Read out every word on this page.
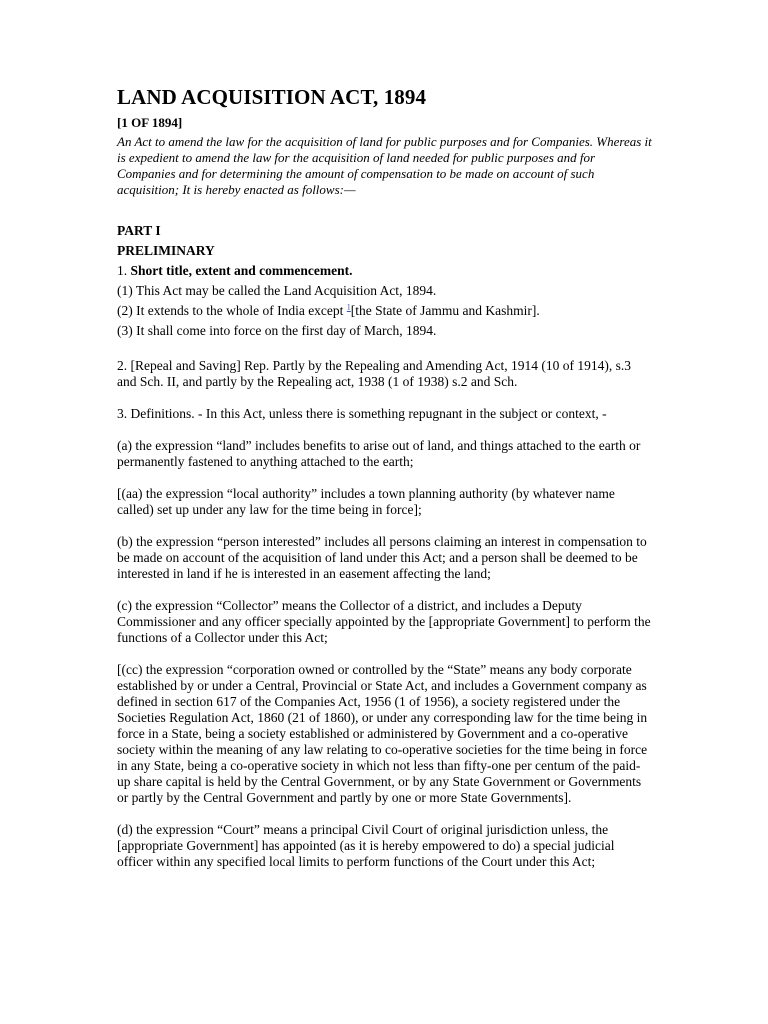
LAND ACQUISITION ACT, 1894

[1 OF 1894]

An Act to amend the law for the acquisition of land for public purposes and for Companies. Whereas it is expedient to amend the law for the acquisition of land needed for public purposes and for Companies and for determining the amount of compensation to be made on account of such acquisition; It is hereby enacted as follows:—

PART I

PRELIMINARY

1. Short title, extent and commencement.

(1) This Act may be called the Land Acquisition Act, 1894.

(2) It extends to the whole of India except $^1$[the State of Jammu and Kashmir].

(3) It shall come into force on the first day of March, 1894.

2. [Repeal and Saving] Rep. Partly by the Repealing and Amending Act, 1914 (10 of 1914), s.3 and Sch. II, and partly by the Repealing act, 1938 (1 of 1938) s.2 and Sch.

3. Definitions. - In this Act, unless there is something repugnant in the subject or context, -

(a) the expression “land” includes benefits to arise out of land, and things attached to the earth or permanently fastened to anything attached to the earth;

[(aa) the expression “local authority” includes a town planning authority (by whatever name called) set up under any law for the time being in force];

(b) the expression “person interested” includes all persons claiming an interest in compensation to be made on account of the acquisition of land under this Act; and a person shall be deemed to be interested in land if he is interested in an easement affecting the land;

(c) the expression “Collector” means the Collector of a district, and includes a Deputy Commissioner and any officer specially appointed by the [appropriate Government] to perform the functions of a Collector under this Act;

[(cc) the expression “corporation owned or controlled by the “State” means any body corporate established by or under a Central, Provincial or State Act, and includes a Government company as defined in section 617 of the Companies Act, 1956 (1 of 1956), a society registered under the Societies Regulation Act, 1860 (21 of 1860), or under any corresponding law for the time being in force in a State, being a society established or administered by Government and a co-operative society within the meaning of any law relating to co-operative societies for the time being in force in any State, being a co-operative society in which not less than fifty-one per centum of the paid-up share capital is held by the Central Government, or by any State Government or Governments or partly by the Central Government and partly by one or more State Governments].

(d) the expression “Court” means a principal Civil Court of original jurisdiction unless, the [appropriate Government] has appointed (as it is hereby empowered to do) a special judicial officer within any specified local limits to perform functions of the Court under this Act;
